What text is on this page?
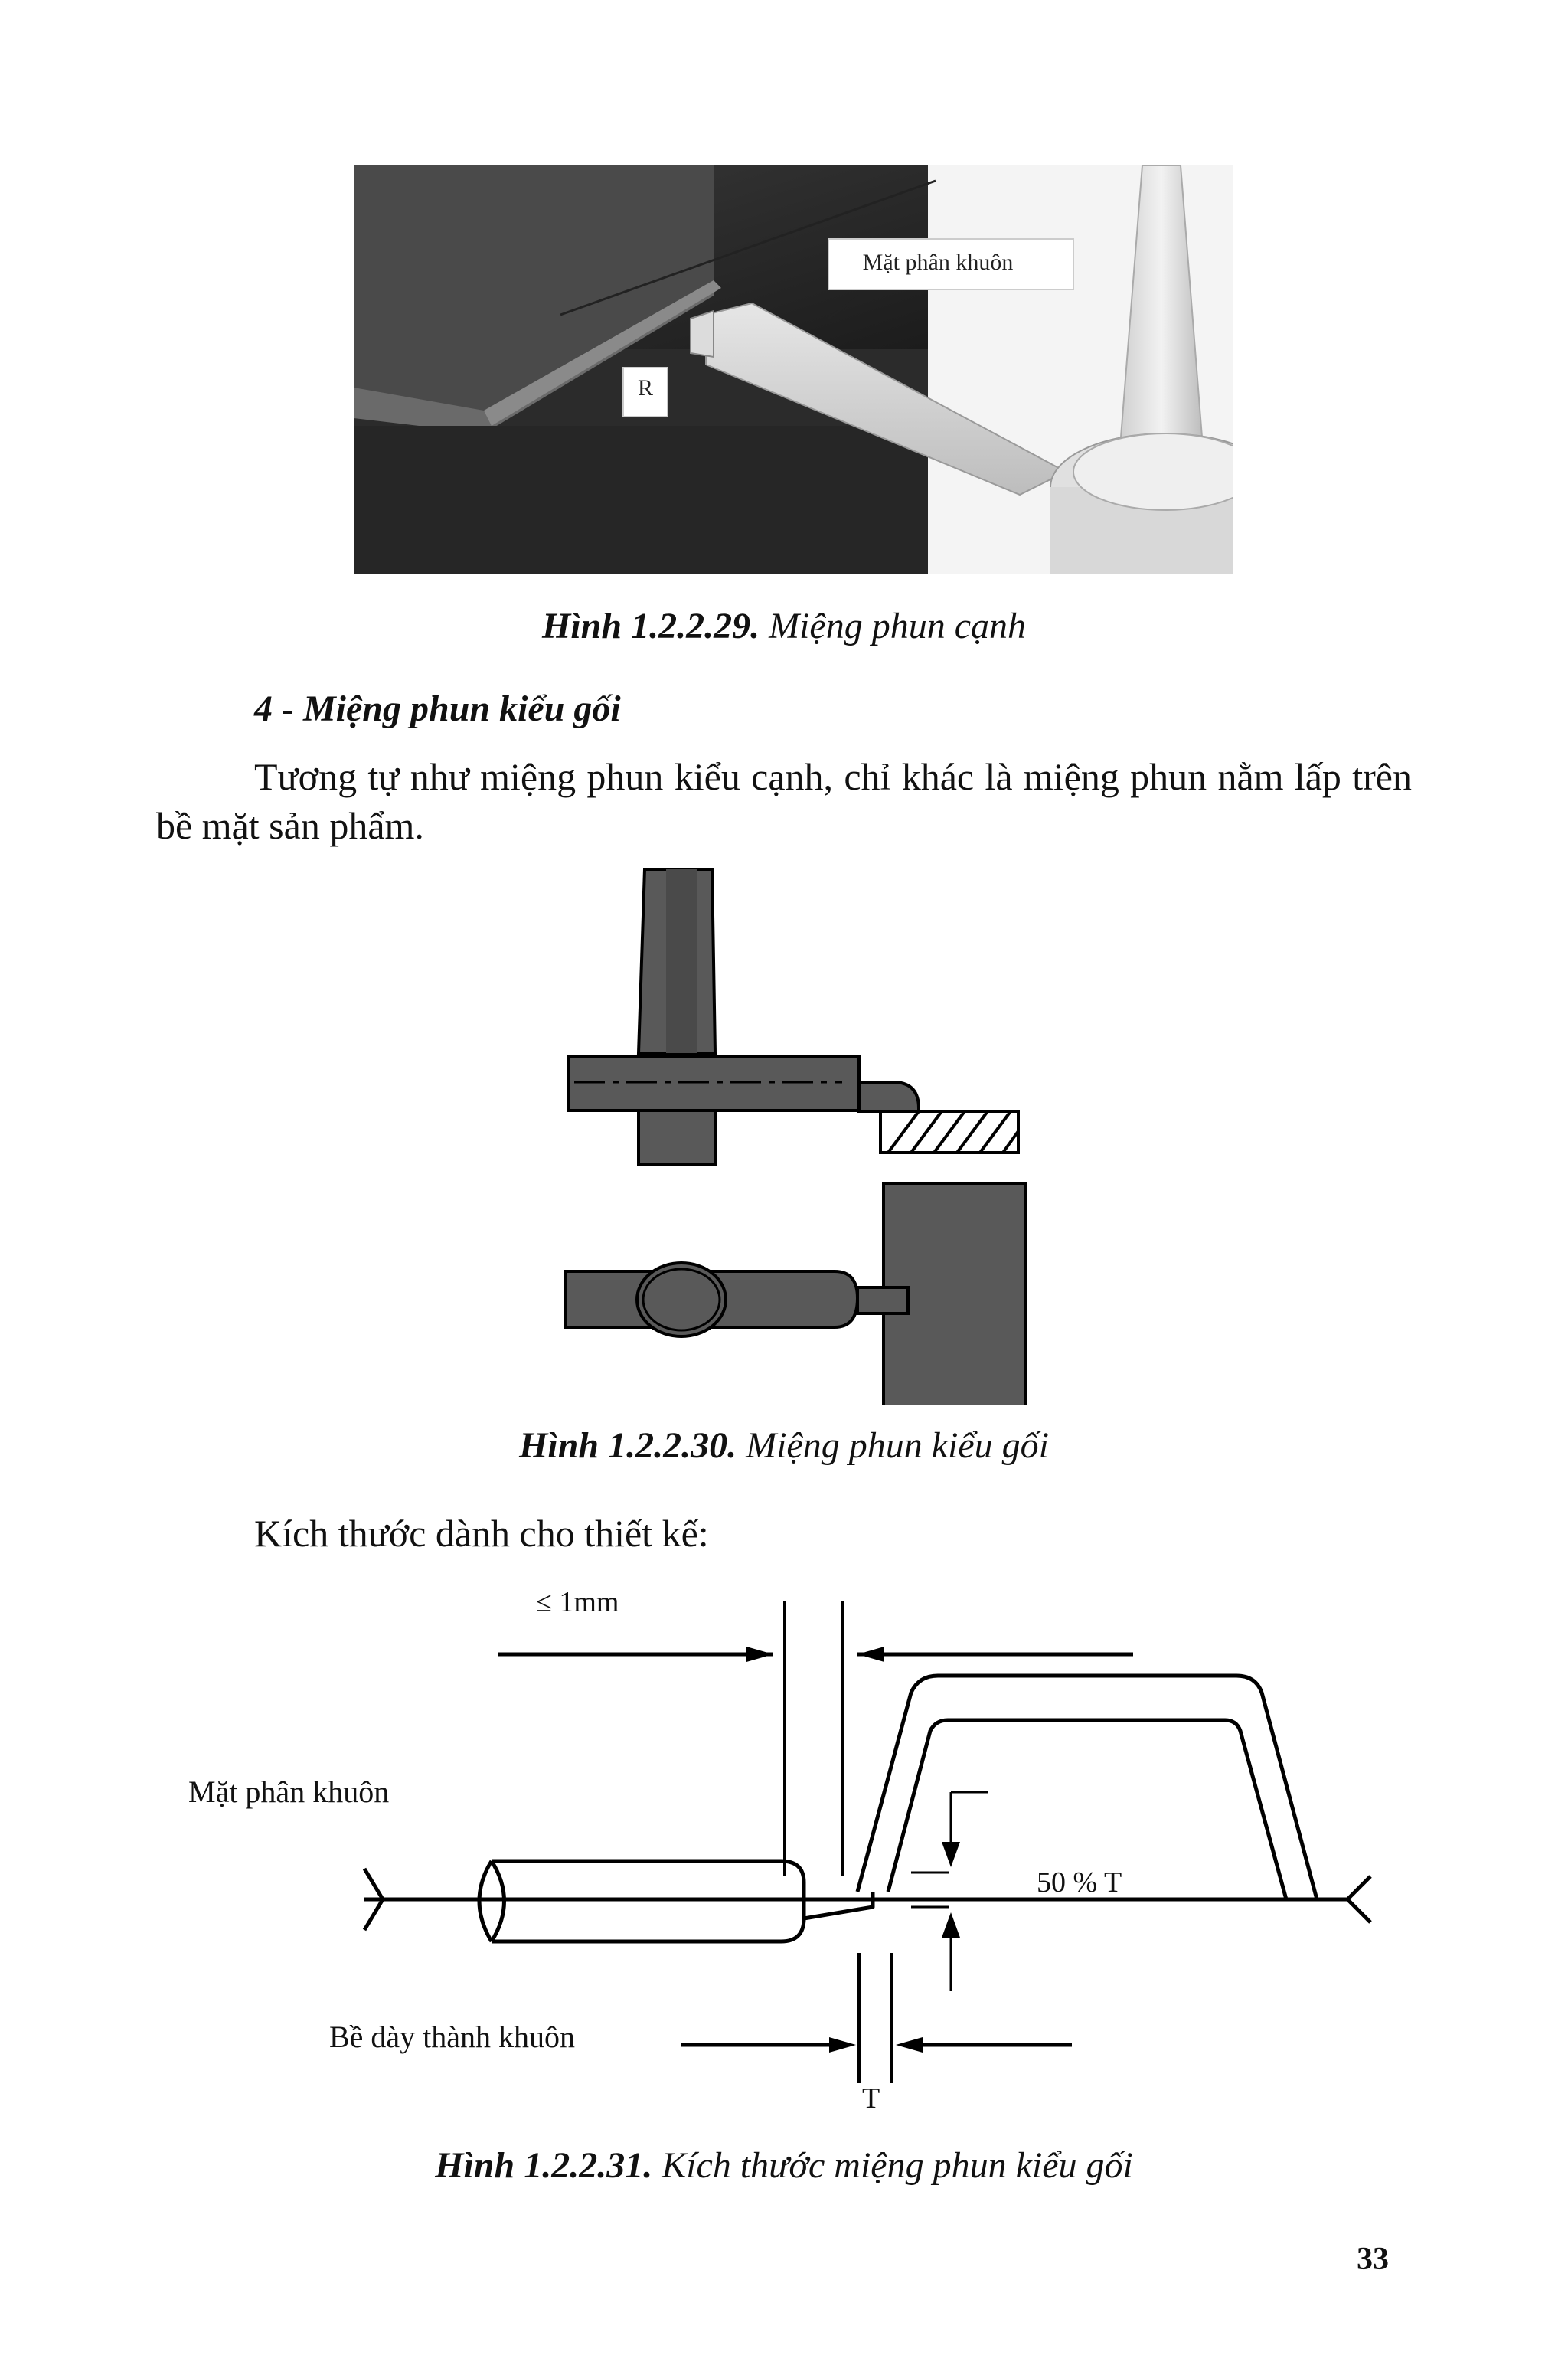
Mặt phân khuôn
R
Hình 1.2.2.29. Miệng phun cạnh
4 - Miệng phun kiểu gối
Tương tự như miệng phun kiểu cạnh, chỉ khác là miệng phun nằm lấp trên bề mặt sản phẩm.
Hình 1.2.2.30. Miệng phun kiểu gối
Kích thước dành cho thiết kế:
≤ 1mm
Mặt phân khuôn
50 % T
Bề dày thành khuôn
T
Hình 1.2.2.31. Kích thước miệng phun kiểu gối
33
